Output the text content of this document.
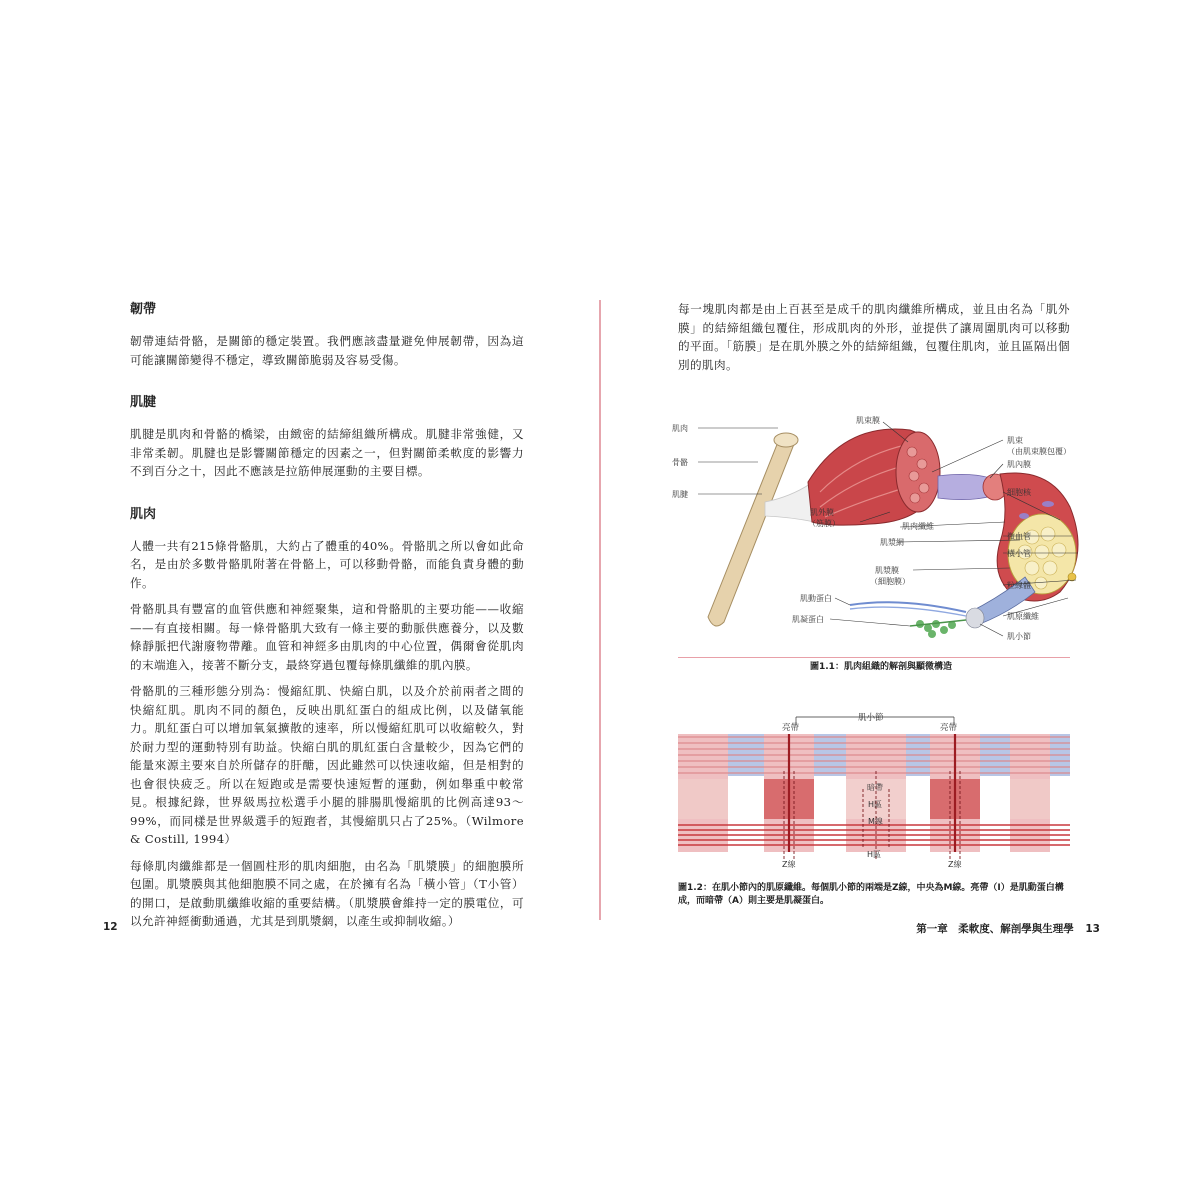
韌帶

韌帶連結骨骼，是關節的穩定裝置。我們應該盡量避免伸展韌帶，因為這可能讓關節變得不穩定，導致關節脆弱及容易受傷。

肌腱

肌腱是肌肉和骨骼的橋梁，由緻密的結締組織所構成。肌腱非常強健，又非常柔韌。肌腱也是影響關節穩定的因素之一，但對關節柔軟度的影響力不到百分之十，因此不應該是拉筋伸展運動的主要目標。

肌肉

人體一共有215條骨骼肌，大約占了體重的40%。骨骼肌之所以會如此命名，是由於多數骨骼肌附著在骨骼上，可以移動骨骼，而能負責身體的動作。

骨骼肌具有豐富的血管供應和神經聚集，這和骨骼肌的主要功能——收縮——有直接相關。每一條骨骼肌大致有一條主要的動脈供應養分，以及數條靜脈把代謝廢物帶離。血管和神經多由肌肉的中心位置，偶爾會從肌肉的末端進入，接著不斷分支，最終穿過包覆每條肌纖維的肌內膜。

骨骼肌的三種形態分別為：慢縮紅肌、快縮白肌，以及介於前兩者之間的快縮紅肌。肌肉不同的顏色，反映出肌紅蛋白的組成比例，以及儲氧能力。肌紅蛋白可以增加氧氣擴散的速率，所以慢縮紅肌可以收縮較久，對於耐力型的運動特別有助益。快縮白肌的肌紅蛋白含量較少，因為它們的能量來源主要來自於所儲存的肝醣，因此雖然可以快速收縮，但是相對的也會很快疲乏。所以在短跑或是需要快速短暫的運動，例如舉重中較常見。根據紀錄，世界級馬拉松選手小腿的腓腸肌慢縮肌的比例高達93～99%，而同樣是世界級選手的短跑者，其慢縮肌只占了25%。（Wilmore & Costill, 1994）

每條肌肉纖維都是一個圓柱形的肌肉細胞，由名為「肌漿膜」的細胞膜所包圍。肌漿膜與其他細胞膜不同之處，在於擁有名為「橫小管」（T小管）的開口，是啟動肌纖維收縮的重要結構。（肌漿膜會維持一定的膜電位，可以允許神經衝動通過，尤其是到肌漿網，以產生或抑制收縮。）

12

每一塊肌肉都是由上百甚至是成千的肌肉纖維所構成，並且由名為「肌外膜」的結締組織包覆住，形成肌肉的外形，並提供了讓周圍肌肉可以移動的平面。「筋膜」是在肌外膜之外的結締組織，包覆住肌肉，並且區隔出個別的肌肉。

肌肉
骨骼
肌腱
肌束膜
肌外膜
（筋膜）
肌束
（由肌束膜包覆）
肌內膜
細胞核
微血管
橫小管
粒線體
肌原纖維
肌小節
肌肉纖維
肌漿網
肌漿膜
（細胞膜）
肌動蛋白
肌凝蛋白
圖1.1：肌肉組織的解剖與顯微構造
肌小節
亮帶	亮帶
暗帶
H區
M線
H區
Z線	Z線
圖1.2：在肌小節內的肌原纖維。每個肌小節的兩端是Z線，中央為M線。亮帶（I）是肌動蛋白構成，而暗帶（A）則主要是肌凝蛋白。
第一章　柔軟度、解剖學與生理學 13
